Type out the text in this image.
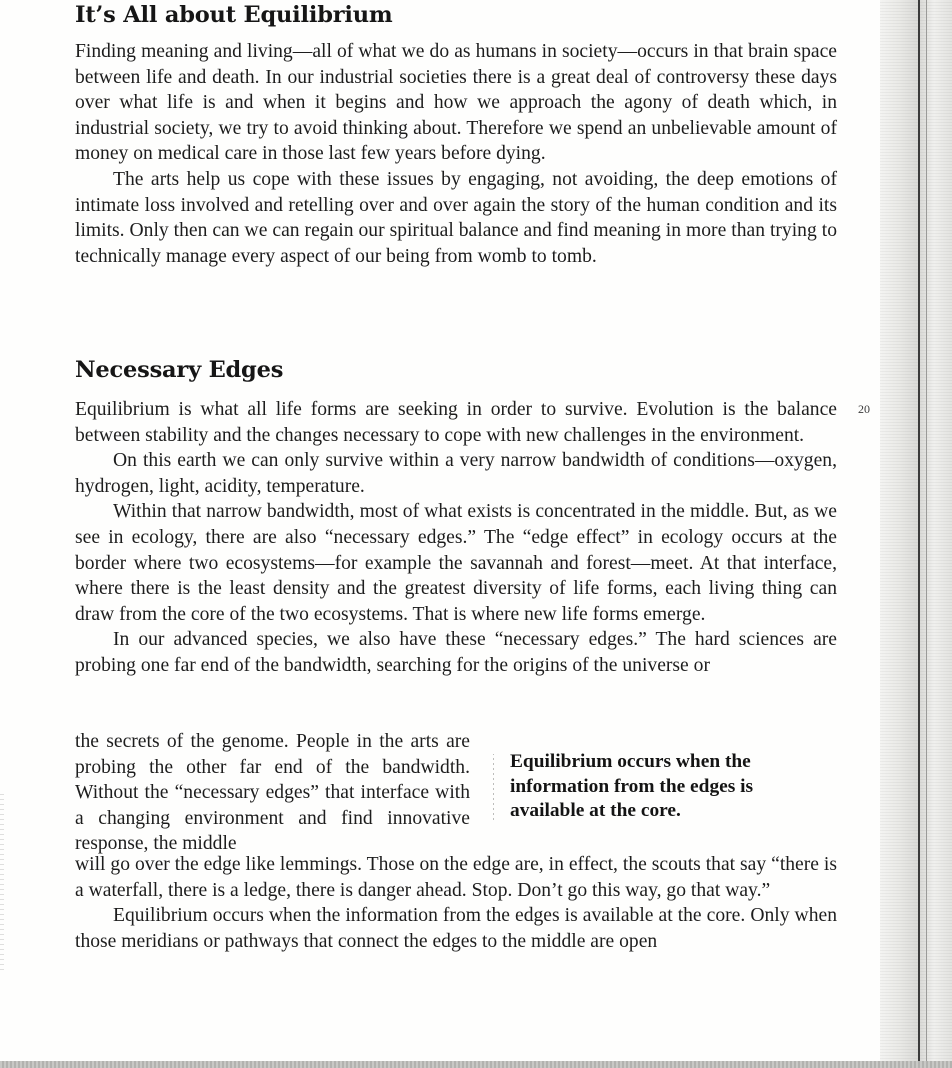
It’s All about Equilibrium

Finding meaning and living—all of what we do as humans in society—occurs in that brain space between life and death. In our industrial societies there is a great deal of controversy these days over what life is and when it begins and how we approach the agony of death which, in industrial society, we try to avoid thinking about. Therefore we spend an unbelievable amount of money on medical care in those last few years before dying.

The arts help us cope with these issues by engaging, not avoiding, the deep emotions of intimate loss involved and retelling over and over again the story of the human condition and its limits. Only then can we can regain our spiritual balance and find meaning in more than trying to technically manage every aspect of our being from womb to tomb.

Necessary Edges

Equilibrium is what all life forms are seeking in order to survive. Evolution is the balance between stability and the changes necessary to cope with new challenges in the environment.

On this earth we can only survive within a very narrow bandwidth of conditions—oxygen, hydrogen, light, acidity, temperature.

Within that narrow bandwidth, most of what exists is concentrated in the middle. But, as we see in ecology, there are also “necessary edges.” The “edge effect” in ecology occurs at the border where two ecosystems—for example the savannah and forest—meet. At that interface, where there is the least density and the greatest diversity of life forms, each living thing can draw from the core of the two ecosystems. That is where new life forms emerge.

In our advanced species, we also have these “necessary edges.” The hard sciences are probing one far end of the bandwidth, searching for the origins of the universe or

the secrets of the genome. People in the arts are probing the other far end of the bandwidth. Without the “necessary edges” that interface with a changing environment and find innovative response, the middle

Equilibrium occurs when the information from the edges is available at the core.

will go over the edge like lemmings. Those on the edge are, in effect, the scouts that say “there is a waterfall, there is a ledge, there is danger ahead. Stop. Don’t go this way, go that way.”

Equilibrium occurs when the information from the edges is available at the core. Only when those meridians or pathways that connect the edges to the middle are open

20
